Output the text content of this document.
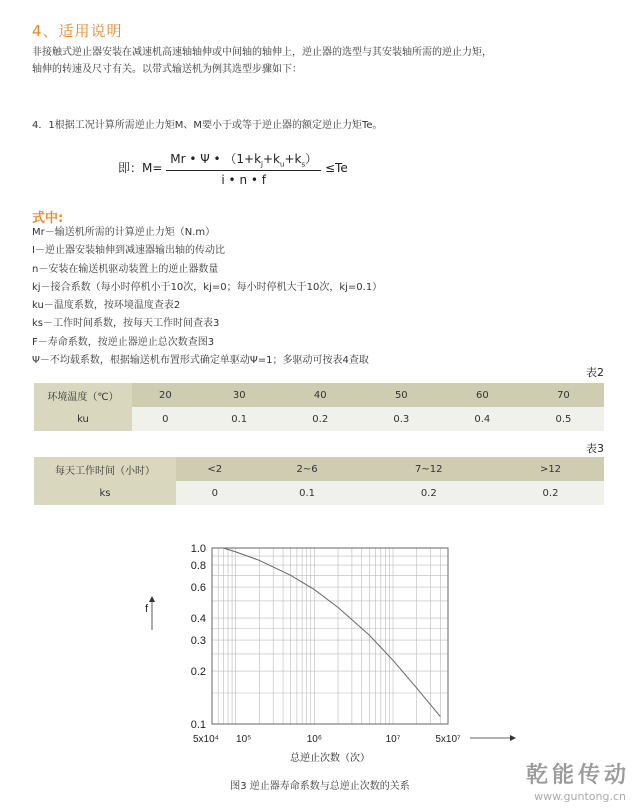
4、适用说明
非接触式逆止器安装在减速机高速轴轴伸或中间轴的轴伸上，逆止器的选型与其安装轴所需的逆止力矩，
轴伸的转速及尺寸有关。以带式输送机为例其选型步骤如下：
4．1根据工况计算所需逆止力矩M、M要小于或等于逆止器的额定逆止力矩Te。
即：$M= \frac{Mr • \Psi • (1+k_j+k_u+k_s)}{i • n • f} \le Te$
式中:
Mr－输送机所需的计算逆止力矩（N.m）
I－逆止器安装轴伸到减速器输出轴的传动比
n－安装在输送机驱动装置上的逆止器数量
kj－接合系数（每小时停机小于10次，kj=0；每小时停机大于10次，kj=0.1）
ku－温度系数，按环境温度查表2
ks－工作时间系数，按每天工作时间查表3
F－寿命系数，按逆止器逆止总次数查图3
Ψ－不均载系数，根据输送机布置形式确定单驱动Ψ=1；多驱动可按表4查取
表2
环境温度（℃）	20	30	40	50	60	70
ku	0	0.1	0.2	0.3	0.4	0.5
表3
每天工作时间（小时）	<2	2~6	7~12	>12
ks	0	0.1	0.2	0.2
1.0
0.8
0.6
0.4
0.3
0.2
0.1
5x10⁴ 10⁵	10⁶	10⁷	5x10⁷
f
总逆止次数（次）
图3 逆止器寿命系数与总逆止次数的关系	乾能传动
www.guntong.cn
